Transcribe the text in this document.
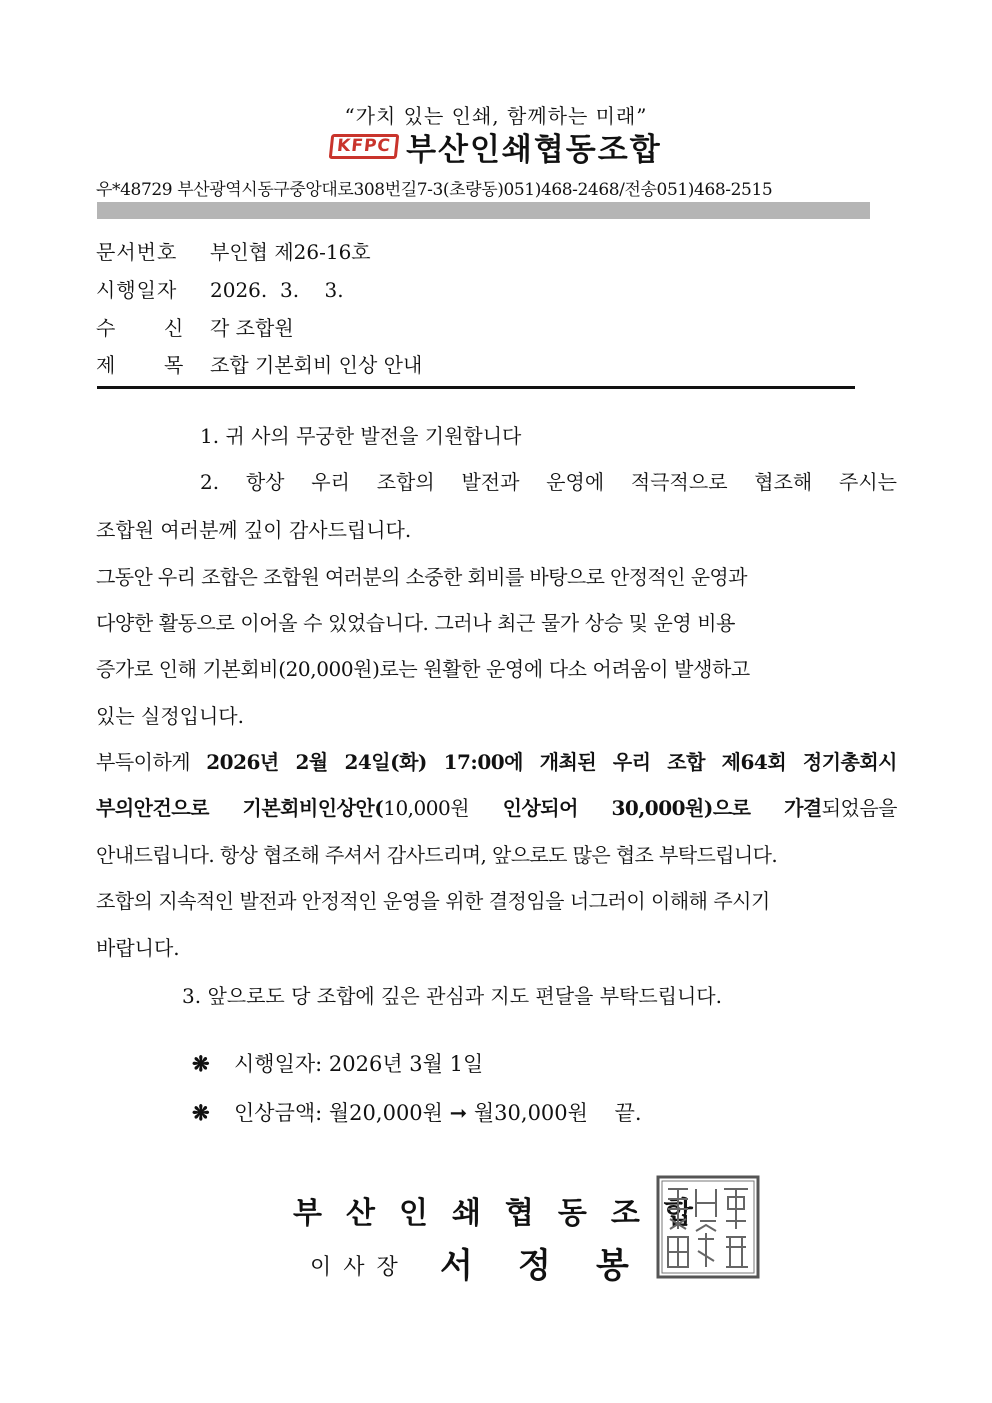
“가치 있는 인쇄, 함께하는 미래”
KFPC 부산인쇄협동조합
우*48729 부산광역시동구중앙대로308번길7-3(초량동)051)468-2468/전송051)468-2515
문서번호 부인협 제26-16호
시행일자 2026.  3.    3.
수 신 각 조합원
제 목 조합 기본회비 인상 안내
1. 귀 사의 무궁한 발전을 기원합니다
2. 항상 우리 조합의 발전과 운영에 적극적으로 협조해 주시는
조합원 여러분께 깊이 감사드립니다.
그동안 우리 조합은 조합원 여러분의 소중한 회비를 바탕으로 안정적인 운영과
다양한 활동으로 이어올 수 있었습니다. 그러나 최근 물가 상승 및 운영 비용
증가로 인해 기본회비(20,000원)로는 원활한 운영에 다소 어려움이 발생하고
있는 실정입니다.
부득이하게 2026년 2월 24일(화) 17:00에 개최된 우리 조합 제64회 정기총회시
부의안건으로 기본회비인상안(10,000원 인상되어 30,000원)으로 가결되었음을
안내드립니다. 항상 협조해 주셔서 감사드리며, 앞으로도 많은 협조 부탁드립니다.
조합의 지속적인 발전과 안정적인 운영을 위한 결정임을 너그러이 이해해 주시기
바랍니다.
3. 앞으로도 당 조합에 깊은 관심과 지도 편달을 부탁드립니다.
❋ 시행일자: 2026년 3월 1일
❋ 인상금액: 월20,000원 ➞ 월30,000원    끝.
부산인쇄협동조합
이사장 서 정 봉
